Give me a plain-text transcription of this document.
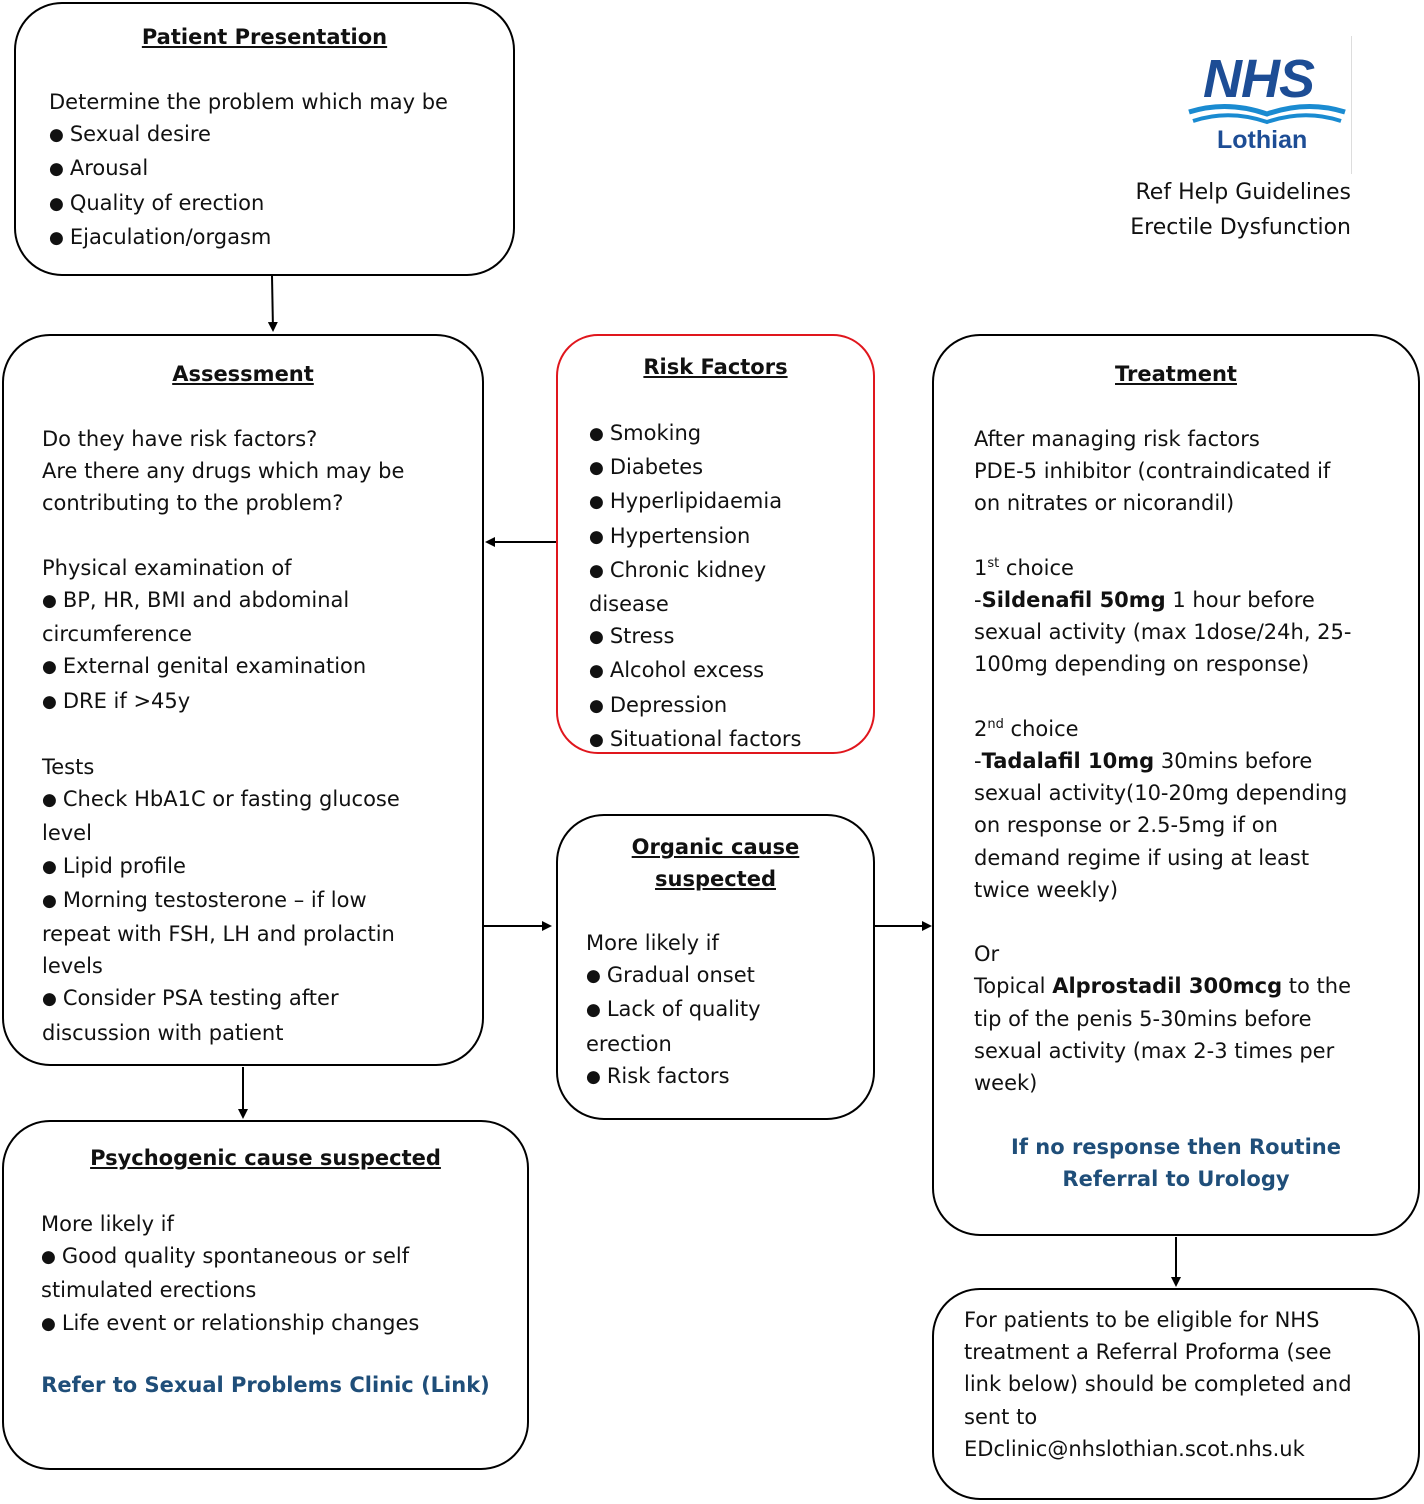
NHS
Lothian
Ref Help Guidelines
Erectile Dysfunction
Patient Presentation
Determine the problem which may be
● Sexual desire
● Arousal
● Quality of erection
● Ejaculation/orgasm
Assessment
Do they have risk factors?
Are there any drugs which may be
contributing to the problem?

Physical examination of
● BP, HR, BMI and abdominal
circumference
● External genital examination
● DRE if >45y

Tests
● Check HbA1C or fasting glucose
level
● Lipid profile
● Morning testosterone – if low
repeat with FSH, LH and prolactin
levels
● Consider PSA testing after
discussion with patient
Risk Factors
● Smoking
● Diabetes
● Hyperlipidaemia
● Hypertension
● Chronic kidney
disease
● Stress
● Alcohol excess
● Depression
● Situational factors
Organic cause
suspected
More likely if
● Gradual onset
● Lack of quality
erection
● Risk factors
Treatment
After managing risk factors
PDE-5 inhibitor (contraindicated if
on nitrates or nicorandil)

1st choice
-Sildenafil 50mg 1 hour before
sexual activity (max 1dose/24h, 25-
100mg depending on response)

2nd choice
-Tadalafil 10mg 30mins before
sexual activity(10-20mg depending
on response or 2.5-5mg if on
demand regime if using at least
twice weekly)

Or
Topical Alprostadil 300mcg to the
tip of the penis 5-30mins before
sexual activity (max 2-3 times per
week)
If no response then Routine
Referral to Urology
Psychogenic cause suspected
More likely if
● Good quality spontaneous or self
stimulated erections
● Life event or relationship changes
Refer to Sexual Problems Clinic (Link)
For patients to be eligible for NHS
treatment a Referral Proforma (see
link below) should be completed and
sent to
EDclinic@nhslothian.scot.nhs.uk
